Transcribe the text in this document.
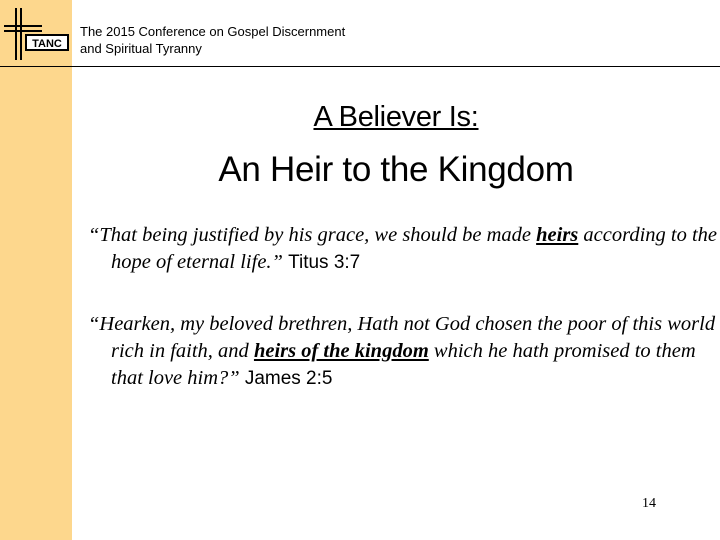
TANC
The 2015 Conference on Gospel Discernment
and Spiritual Tyranny
A Believer Is:
An Heir to the Kingdom
“That being justified by his grace, we should be made heirs according to the hope of eternal life.” Titus 3:7
“Hearken, my beloved brethren, Hath not God chosen the poor of this world rich in faith, and heirs of the kingdom which he hath promised to them that love him?” James 2:5
14
